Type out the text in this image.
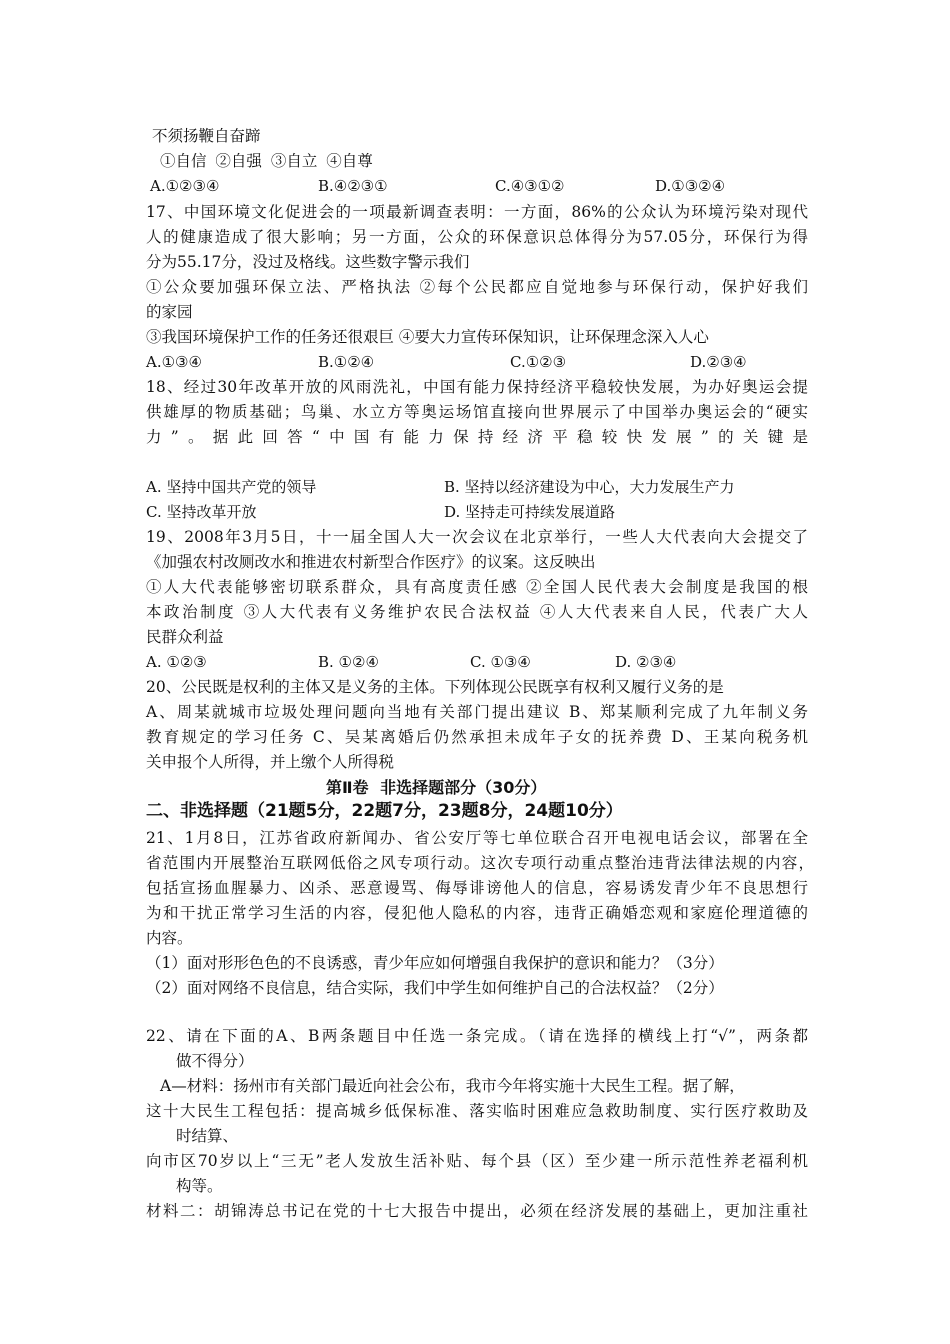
不须扬鞭自奋蹄
①自信 ②自强 ③自立 ④自尊
A.①②③④	B.④②③①	C.④③①②	D.①③②④
17、中国环境文化促进会的一项最新调查表明：一方面，86%的公众认为环境污染对现代
人的健康造成了很大影响；另一方面，公众的环保意识总体得分为57.05分，环保行为得
分为55.17分，没过及格线。这些数字警示我们
①公众要加强环保立法、严格执法 ②每个公民都应自觉地参与环保行动，保护好我们
的家园
③我国环境保护工作的任务还很艰巨 ④要大力宣传环保知识，让环保理念深入人心
A.①③④	B.①②④	C.①②③	D.②③④
18、经过30年改革开放的风雨洗礼，中国有能力保持经济平稳较快发展，为办好奥运会提
供雄厚的物质基础；鸟巢、水立方等奥运场馆直接向世界展示了中国举办奥运会的“硬实
力”。据此回答“中国有能力保持经济平稳较快发展”的关键是
A. 坚持中国共产党的领导	B. 坚持以经济建设为中心，大力发展生产力
C. 坚持改革开放	D. 坚持走可持续发展道路
19、2008年3月5日，十一届全国人大一次会议在北京举行，一些人大代表向大会提交了
《加强农村改厕改水和推进农村新型合作医疗》的议案。这反映出
①人大代表能够密切联系群众，具有高度责任感 ②全国人民代表大会制度是我国的根
本政治制度 ③人大代表有义务维护农民合法权益 ④人大代表来自人民，代表广大人
民群众利益
A. ①②③	B. ①②④	C. ①③④	D. ②③④
20、公民既是权利的主体又是义务的主体。下列体现公民既享有权利又履行义务的是
A、周某就城市垃圾处理问题向当地有关部门提出建议 B、郑某顺利完成了九年制义务
教育规定的学习任务 C、吴某离婚后仍然承担未成年子女的抚养费 D、王某向税务机
关申报个人所得，并上缴个人所得税
第Ⅱ卷 非选择题部分（30分）
二、非选择题（21题5分，22题7分，23题8分，24题10分）
21、1月8日，江苏省政府新闻办、省公安厅等七单位联合召开电视电话会议，部署在全
省范围内开展整治互联网低俗之风专项行动。这次专项行动重点整治违背法律法规的内容，
包括宣扬血腥暴力、凶杀、恶意谩骂、侮辱诽谤他人的信息，容易诱发青少年不良思想行
为和干扰正常学习生活的内容，侵犯他人隐私的内容，违背正确婚恋观和家庭伦理道德的
内容。
（1）面对形形色色的不良诱惑，青少年应如何增强自我保护的意识和能力？（3分）
（2）面对网络不良信息，结合实际，我们中学生如何维护自己的合法权益？（2分）
22、请在下面的A、B两条题目中任选一条完成。（请在选择的横线上打“√”，两条都
做不得分）
A—材料：扬州市有关部门最近向社会公布，我市今年将实施十大民生工程。据了解，
这十大民生工程包括：提高城乡低保标准、落实临时困难应急救助制度、实行医疗救助及
时结算、
向市区70岁以上“三无”老人发放生活补贴、每个县（区）至少建一所示范性养老福利机
构等。
材料二：胡锦涛总书记在党的十七大报告中提出，必须在经济发展的基础上，更加注重社
